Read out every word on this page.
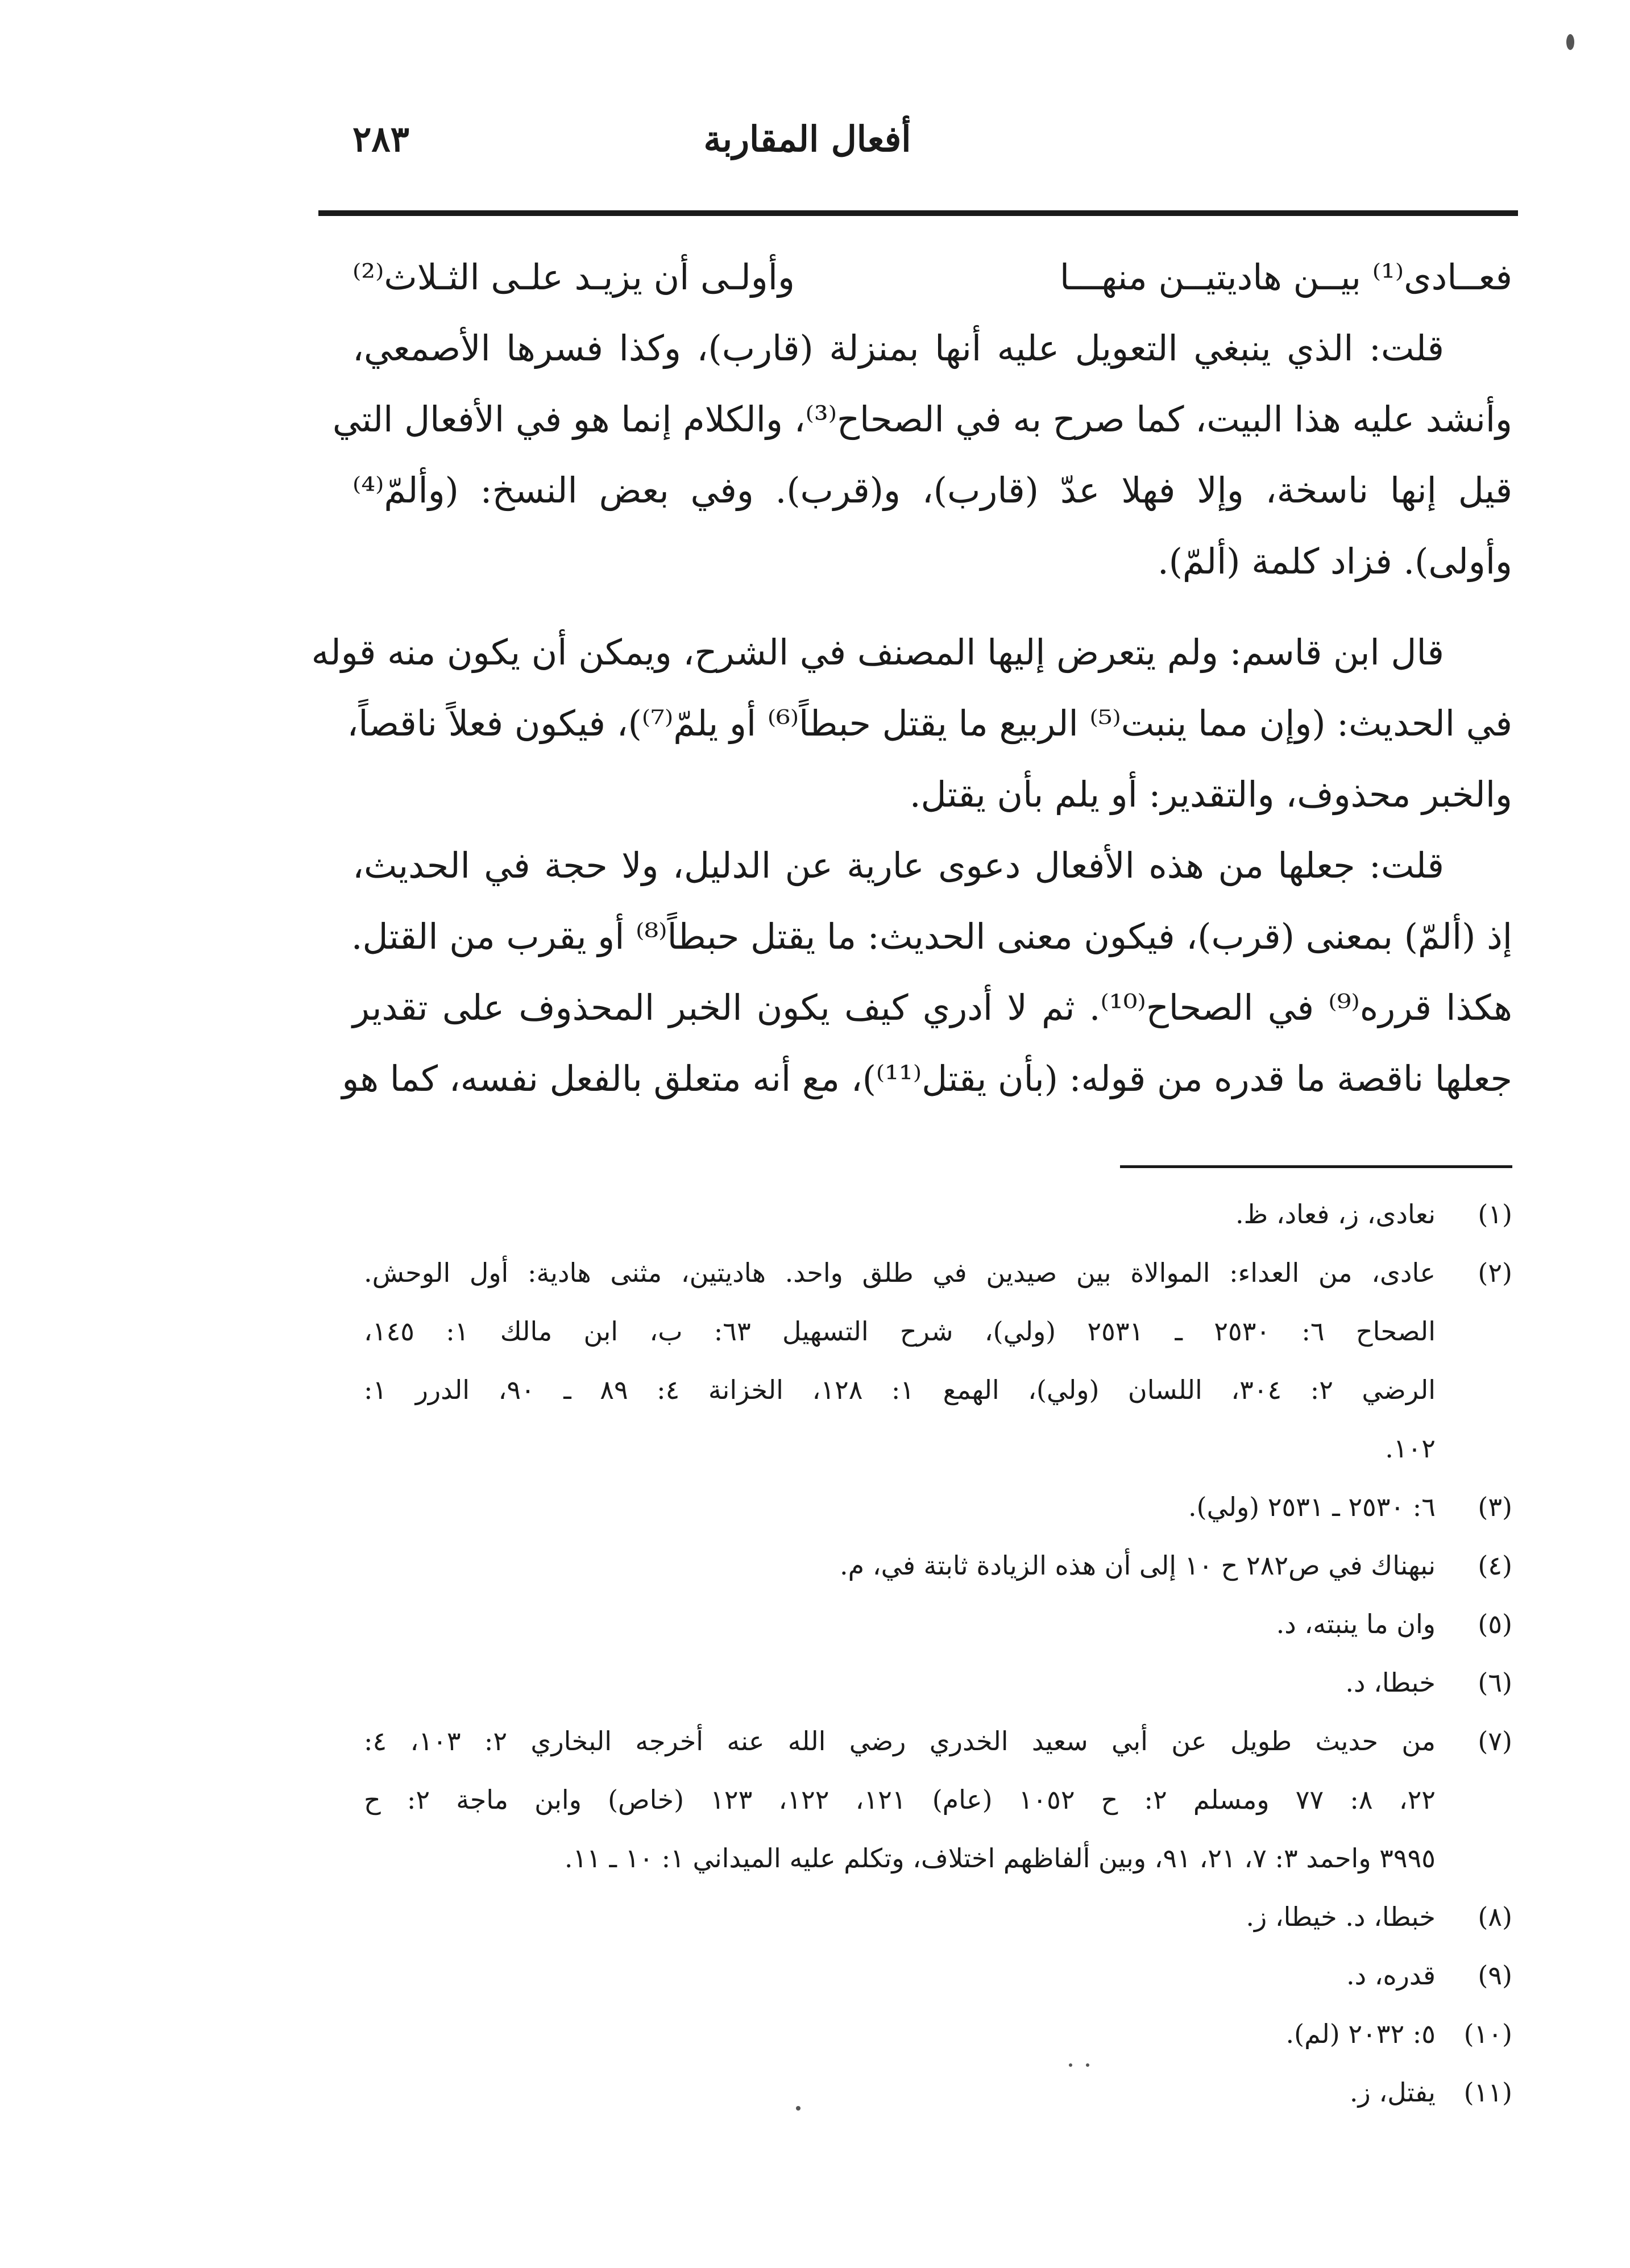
أفعال المقاربة
٢٨٣
فعــادى⁽¹⁾ بيــن هاديتيــن منهـــا
وأولـى أن يزيـد علـى الثـلاث⁽²⁾
قلت: الذي ينبغي التعويل عليه أنها بمنزلة (قارب)، وكذا فسرها الأصمعي،
وأنشد عليه هذا البيت، كما صرح به في الصحاح⁽³⁾، والكلام إنما هو في الأفعال التي
قيل إنها ناسخة، وإلا فهلا عدّ (قارب)، و(قرب). وفي بعض النسخ: (وألمّ⁽⁴⁾
وأولى). فزاد كلمة (ألمّ).
قال ابن قاسم: ولم يتعرض إليها المصنف في الشرح، ويمكن أن يكون منه قوله
في الحديث: (وإن مما ينبت⁽⁵⁾ الربيع ما يقتل حبطاً⁽⁶⁾ أو يلمّ⁽⁷⁾)، فيكون فعلاً ناقصاً،
والخبر محذوف، والتقدير: أو يلم بأن يقتل.
قلت: جعلها من هذه الأفعال دعوى عارية عن الدليل، ولا حجة في الحديث،
إذ (ألمّ) بمعنى (قرب)، فيكون معنى الحديث: ما يقتل حبطاً⁽⁸⁾ أو يقرب من القتل.
هكذا قرره⁽⁹⁾ في الصحاح⁽¹⁰⁾. ثم لا أدري كيف يكون الخبر المحذوف على تقدير
جعلها ناقصة ما قدره من قوله: (بأن يقتل⁽¹¹⁾)، مع أنه متعلق بالفعل نفسه، كما هو
(١)
نعادى، ز، فعاد، ظ.
(٢)
عادى، من العداء: الموالاة بين صيدين في طلق واحد. هاديتين، مثنى هادية: أول الوحش.
الصحاح ٦: ٢٥٣٠ ـ ٢٥٣١ (ولي)، شرح التسهيل ٦٣: ب، ابن مالك ١: ١٤٥،
الرضي ٢: ٣٠٤، اللسان (ولي)، الهمع ١: ١٢٨، الخزانة ٤: ٨٩ ـ ٩٠، الدرر ١:
١٠٢.
(٣)
٦: ٢٥٣٠ ـ ٢٥٣١ (ولي).
(٤)
نبهناك في ص٢٨٢ ح ١٠ إلى أن هذه الزيادة ثابتة في، م.
(٥)
وان ما ينبته، د.
(٦)
خبطا، د.
(٧)
من حديث طويل عن أبي سعيد الخدري رضي الله عنه أخرجه البخاري ٢: ١٠٣، ٤:
٢٢، ٨: ٧٧ ومسلم ٢: ح ١٠٥٢ (عام) ١٢١، ١٢٢، ١٢٣ (خاص) وابن ماجة ٢: ح
٣٩٩٥ واحمد ٣: ٧، ٢١، ٩١، وبين ألفاظهم اختلاف، وتكلم عليه الميداني ١: ١٠ ـ ١١.
(٨)
خبطا، د. خيطا، ز.
(٩)
قدره، د.
(١٠)
٥: ٢٠٣٢ (لم).
(١١)
يفتل، ز.
